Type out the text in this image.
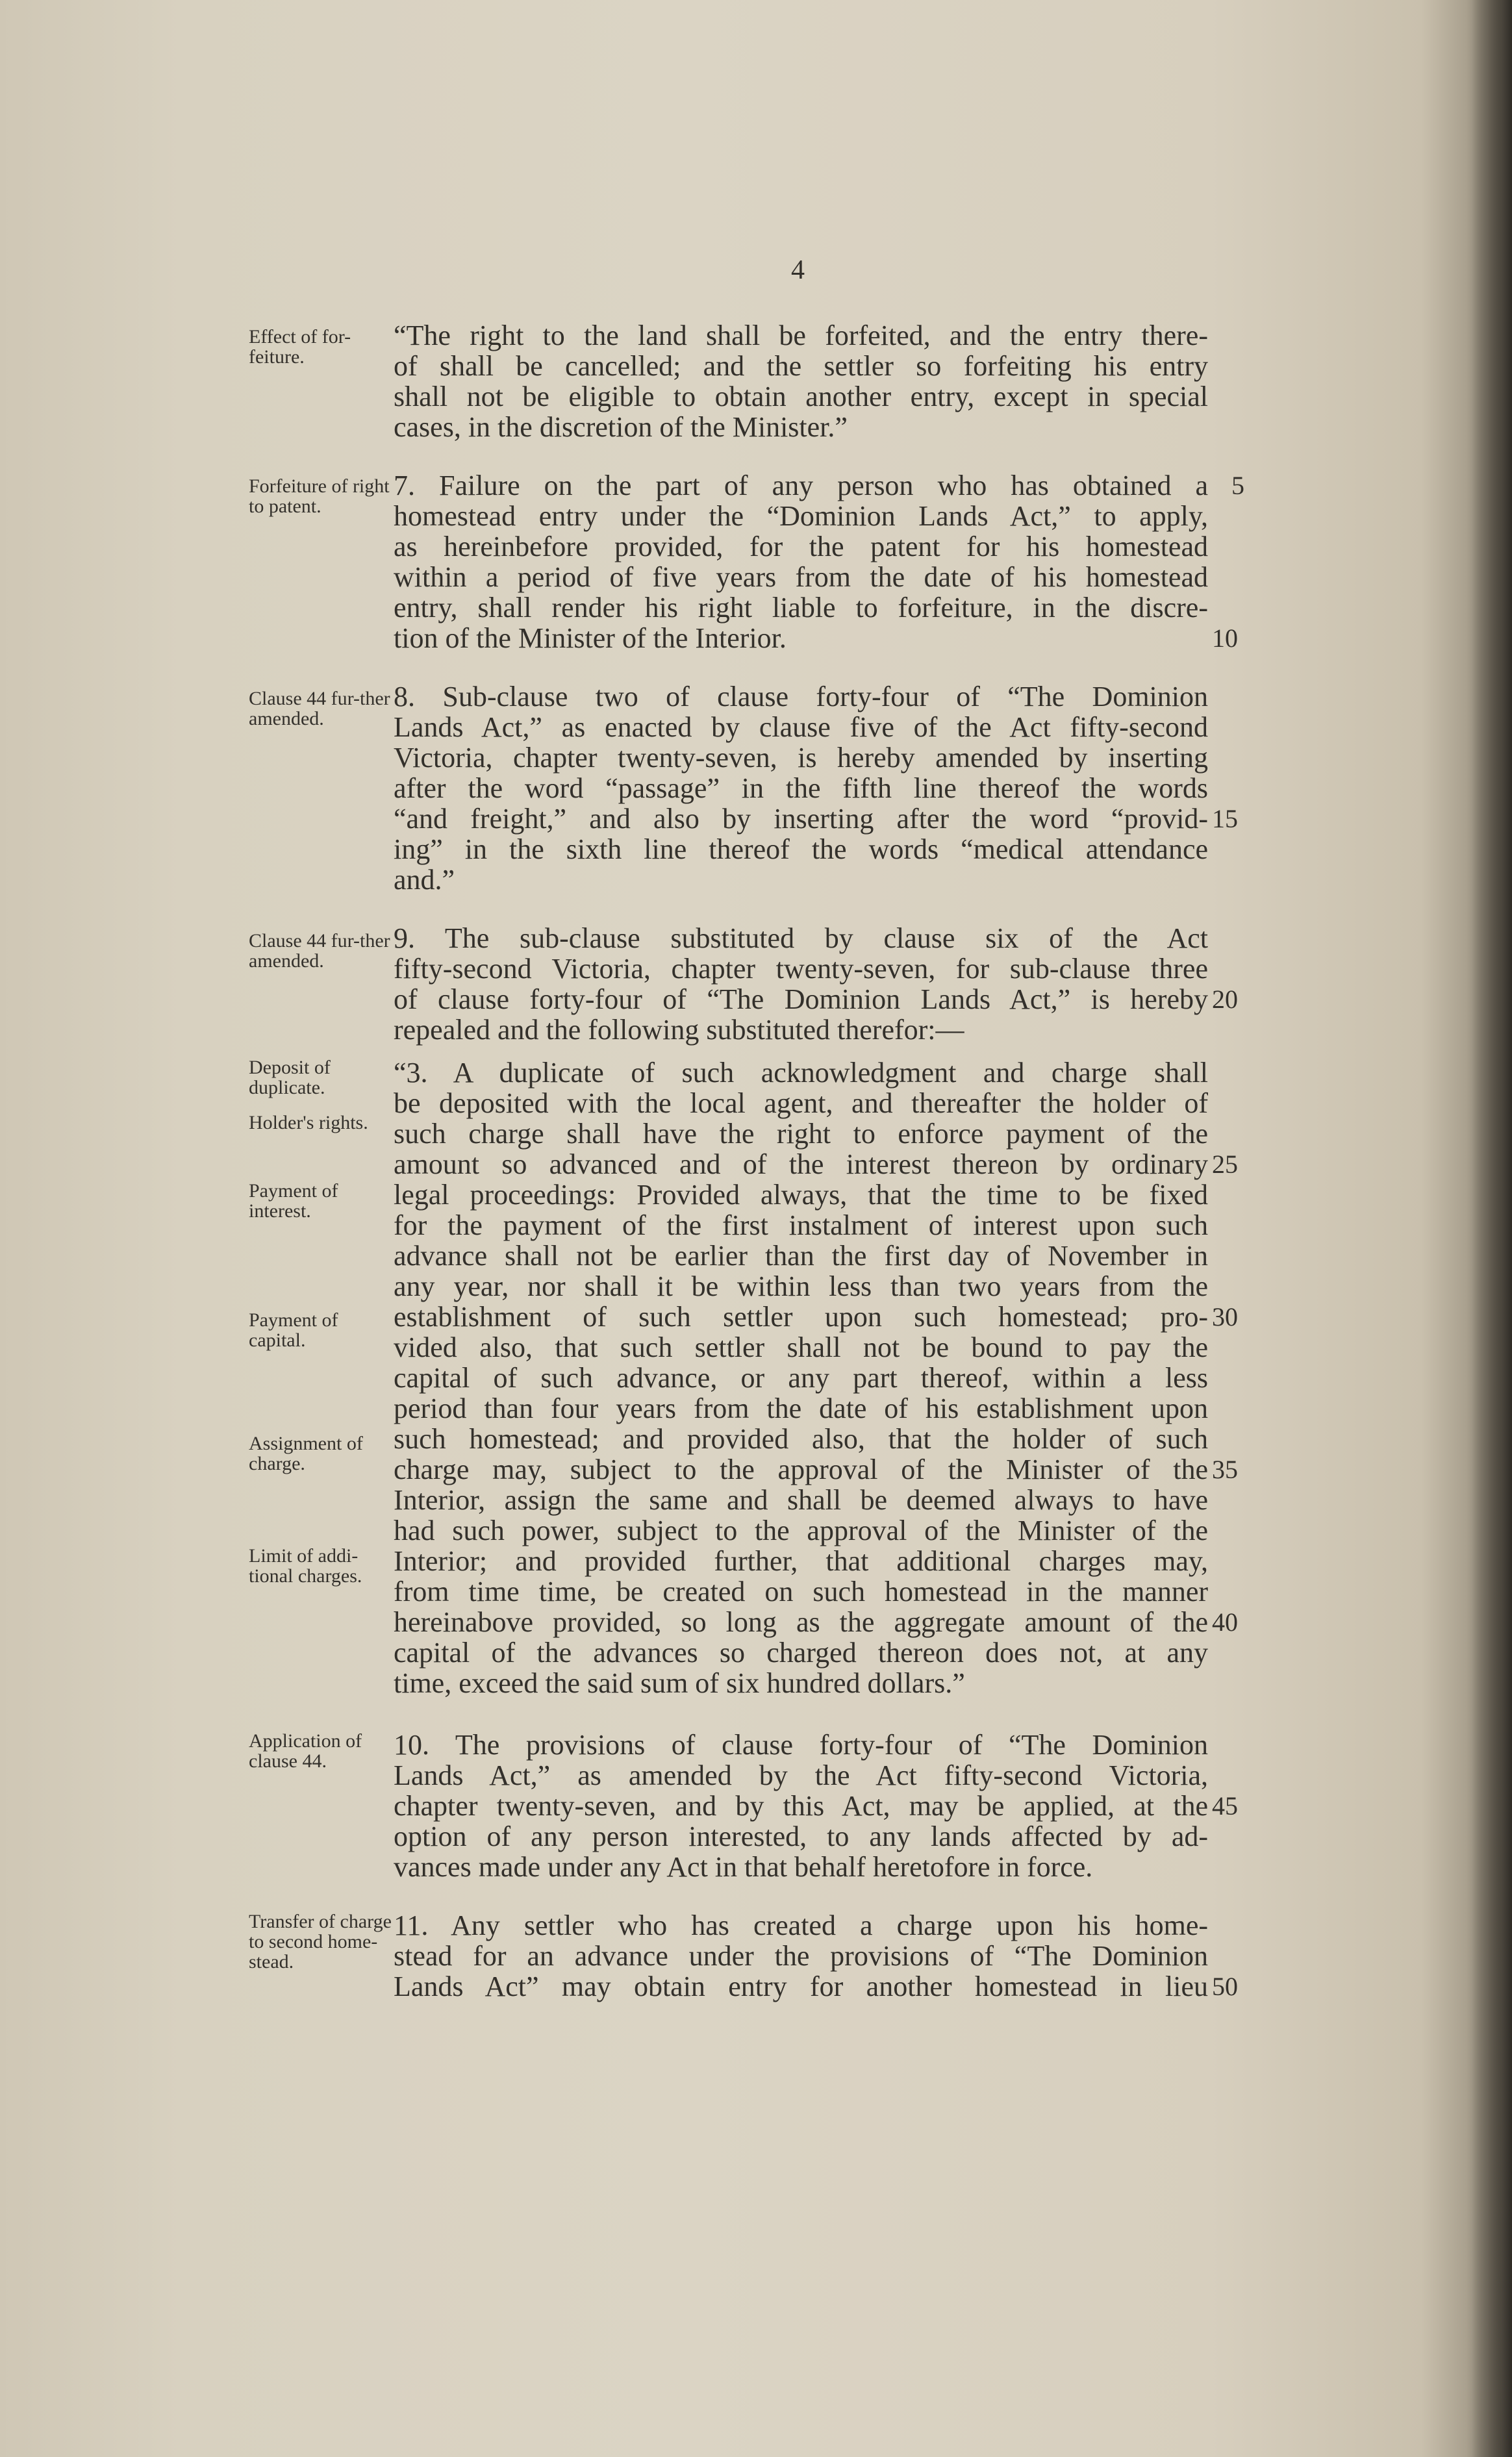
4
Effect of for-feiture.
Forfeiture of right to patent.
Clause 44 fur-ther amended.
Clause 44 fur-ther amended.
Deposit of duplicate.
Holder's rights.
Payment of interest.
Payment of capital.
Assignment of charge.
Limit of addi-tional charges.
Application of clause 44.
Transfer of charge to second home-stead.
“The right to the land shall be forfeited, and the entry there-
of shall be cancelled; and the settler so forfeiting his entry
shall not be eligible to obtain another entry, except in special
cases, in the discretion of the Minister.”
7. Failure on the part of any person who has obtained a
homestead entry under the “Dominion Lands Act,” to apply,
as hereinbefore provided, for the patent for his homestead
within a period of five years from the date of his homestead
entry, shall render his right liable to forfeiture, in the discre-
tion of the Minister of the Interior.
8. Sub-clause two of clause forty-four of “The Dominion
Lands Act,” as enacted by clause five of the Act fifty-second
Victoria, chapter twenty-seven, is hereby amended by inserting
after the word “passage” in the fifth line thereof the words
“and freight,” and also by inserting after the word “provid-
ing” in the sixth line thereof the words “medical attendance
and.”
9. The sub-clause substituted by clause six of the Act
fifty-second Victoria, chapter twenty-seven, for sub-clause three
of clause forty-four of “The Dominion Lands Act,” is hereby
repealed and the following substituted therefor:—
“3. A duplicate of such acknowledgment and charge shall
be deposited with the local agent, and thereafter the holder of
such charge shall have the right to enforce payment of the
amount so advanced and of the interest thereon by ordinary
legal proceedings: Provided always, that the time to be fixed
for the payment of the first instalment of interest upon such
advance shall not be earlier than the first day of November in
any year, nor shall it be within less than two years from the
establishment of such settler upon such homestead; pro-
vided also, that such settler shall not be bound to pay the
capital of such advance, or any part thereof, within a less
period than four years from the date of his establishment upon
such homestead; and provided also, that the holder of such
charge may, subject to the approval of the Minister of the
Interior, assign the same and shall be deemed always to have
had such power, subject to the approval of the Minister of the
Interior; and provided further, that additional charges may,
from time time, be created on such homestead in the manner
hereinabove provided, so long as the aggregate amount of the
capital of the advances so charged thereon does not, at any
time, exceed the said sum of six hundred dollars.”
10. The provisions of clause forty-four of “The Dominion
Lands Act,” as amended by the Act fifty-second Victoria,
chapter twenty-seven, and by this Act, may be applied, at the
option of any person interested, to any lands affected by ad-
vances made under any Act in that behalf heretofore in force.
11. Any settler who has created a charge upon his home-
stead for an advance under the provisions of “The Dominion
Lands Act” may obtain entry for another homestead in lieu
5
10
15
20
25
30
35
40
45
50
